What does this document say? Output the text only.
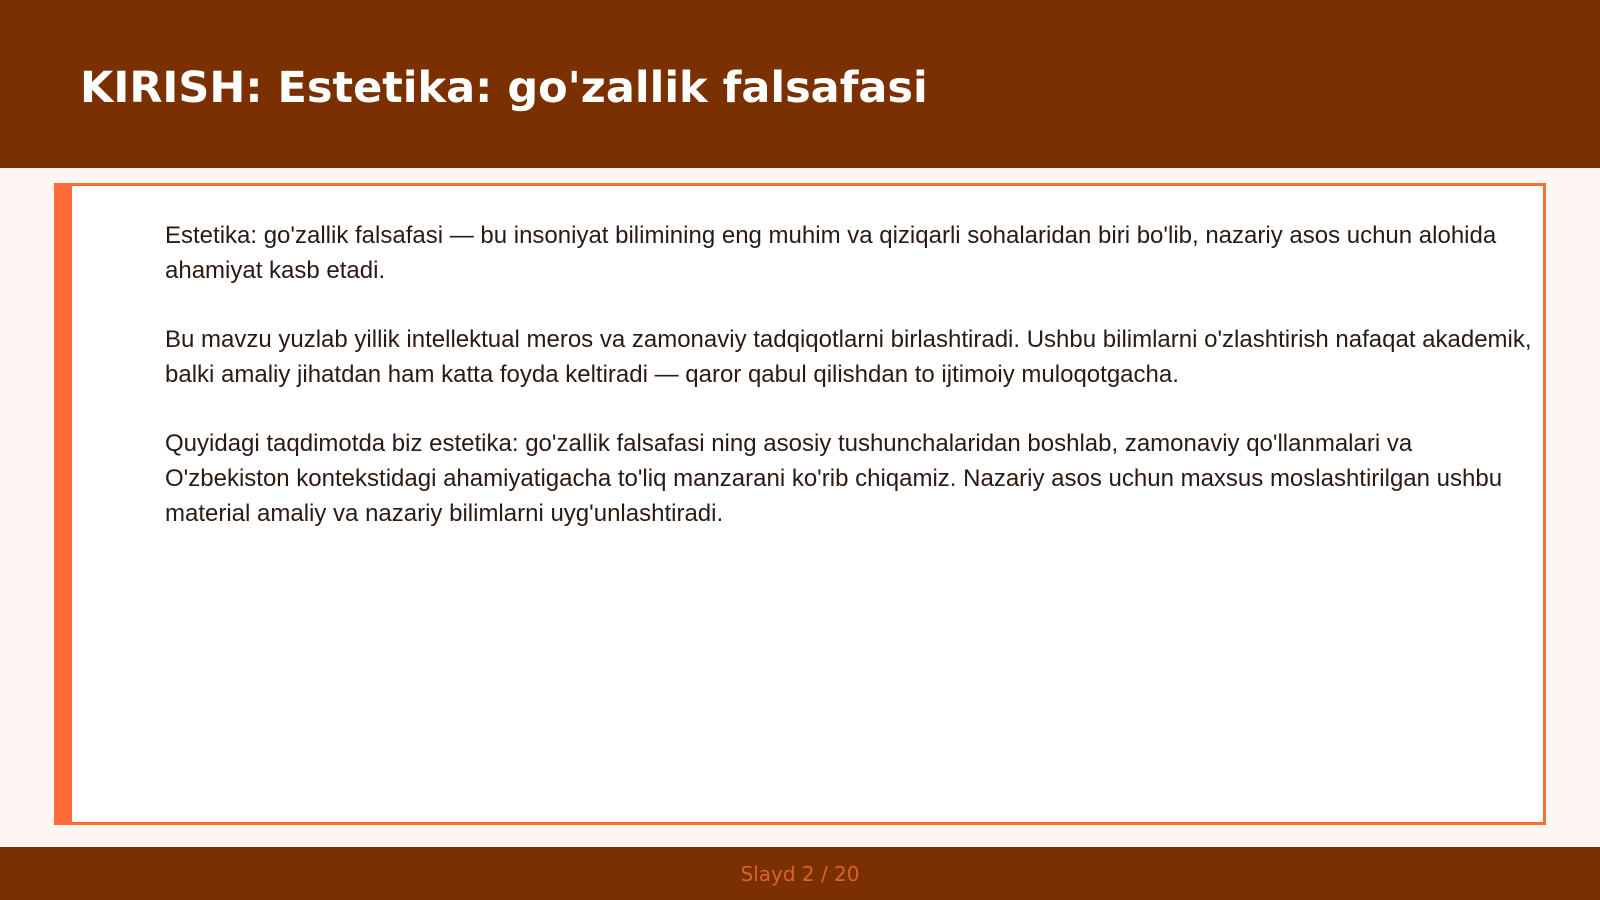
KIRISH: Estetika: go'zallik falsafasi

Estetika: go'zallik falsafasi — bu insoniyat bilimining eng muhim va qiziqarli sohalaridan biri bo'lib, nazariy asos uchun alohida ahamiyat kasb etadi.

Bu mavzu yuzlab yillik intellektual meros va zamonaviy tadqiqotlarni birlashtiradi. Ushbu bilimlarni o'zlashtirish nafaqat akademik, balki amaliy jihatdan ham katta foyda keltiradi — qaror qabul qilishdan to ijtimoiy muloqotgacha.

Quyidagi taqdimotda biz estetika: go'zallik falsafasi ning asosiy tushunchalaridan boshlab, zamonaviy qo'llanmalari va O'zbekiston kontekstidagi ahamiyatigacha to'liq manzarani ko'rib chiqamiz. Nazariy asos uchun maxsus moslashtirilgan ushbu material amaliy va nazariy bilimlarni uyg'unlashtiradi.

Slayd 2 / 20
